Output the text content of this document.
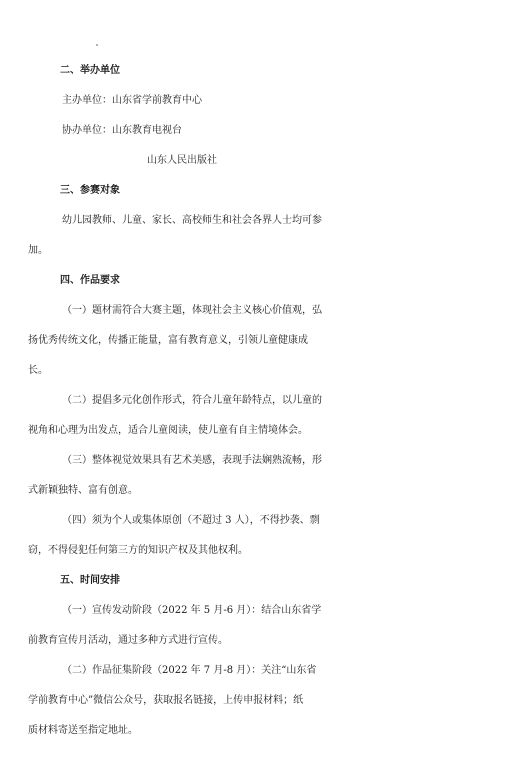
二、举办单位
主办单位：山东省学前教育中心
协办单位：山东教育电视台
山东人民出版社
三、参赛对象
幼儿园教师、儿童、家长、高校师生和社会各界人士均可参
加。
四、作品要求
（一）题材需符合大赛主题，体现社会主义核心价值观，弘
扬优秀传统文化，传播正能量，富有教育意义，引领儿童健康成
长。
（二）提倡多元化创作形式，符合儿童年龄特点，以儿童的
视角和心理为出发点，适合儿童阅读，使儿童有自主情境体会。
（三）整体视觉效果具有艺术美感，表现手法娴熟流畅，形
式新颖独特、富有创意。
（四）须为个人或集体原创（不超过 3 人），不得抄袭、剽
窃，不得侵犯任何第三方的知识产权及其他权利。
五、时间安排
（一）宣传发动阶段（2022 年 5 月-6 月）：结合山东省学
前教育宣传月活动，通过多种方式进行宣传。
（二）作品征集阶段（2022 年 7 月-8 月）：关注“山东省
学前教育中心”微信公众号，获取报名链接，上传申报材料；纸
质材料寄送至指定地址。
